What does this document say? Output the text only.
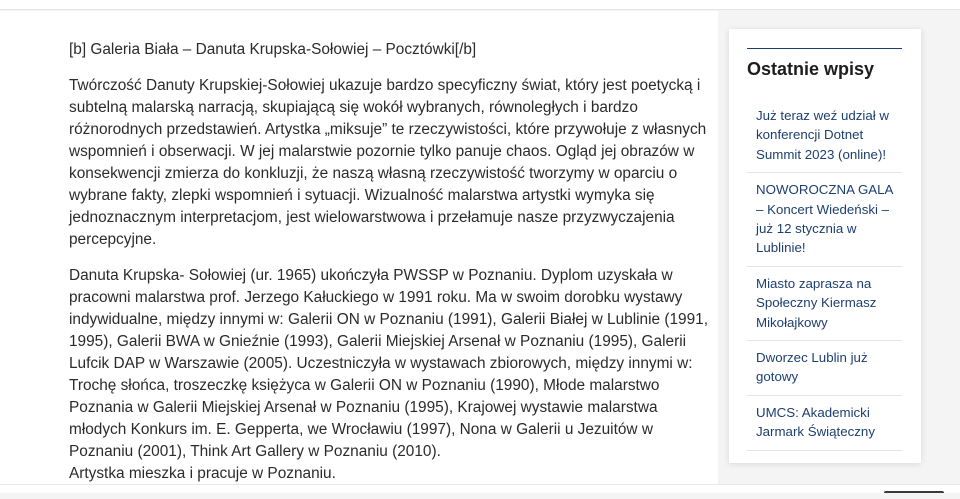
[b] Galeria Biała – Danuta Krupska-Sołowiej – Pocztówki[/b]

Twórczość Danuty Krupskiej-Sołowiej ukazuje bardzo specyficzny świat, który jest poetycką i subtelną malarską narracją, skupiającą się wokół wybranych, równoległych i bardzo różnorodnych przedstawień. Artystka „miksuje” te rzeczywistości, które przywołuje z własnych wspomnień i obserwacji. W jej malarstwie pozornie tylko panuje chaos. Ogląd jej obrazów w konsekwencji zmierza do konkluzji, że naszą własną rzeczywistość tworzymy w oparciu o wybrane fakty, zlepki wspomnień i sytuacji. Wizualność malarstwa artystki wymyka się jednoznacznym interpretacjom, jest wielowarstwowa i przełamuje nasze przyzwyczajenia percepcyjne.

Danuta Krupska- Sołowiej (ur. 1965) ukończyła PWSSP w Poznaniu. Dyplom uzyskała w pracowni malarstwa prof. Jerzego Kałuckiego w 1991 roku. Ma w swoim dorobku wystawy indywidualne, między innymi w: Galerii ON w Poznaniu (1991), Galerii Białej w Lublinie (1991, 1995), Galerii BWA w Gnieźnie (1993), Galerii Miejskiej Arsenał w Poznaniu (1995), Galerii Lufcik DAP w Warszawie (2005). Uczestniczyła w wystawach zbiorowych, między innymi w: Trochę słońca, troszeczkę księżyca w Galerii ON w Poznaniu (1990), Młode malarstwo Poznania w Galerii Miejskiej Arsenał w Poznaniu (1995), Krajowej wystawie malarstwa młodych Konkurs im. E. Gepperta, we Wrocławiu (1997), Nona w Galerii u Jezuitów w Poznaniu (2001), Think Art Gallery w Poznaniu (2010).

Artystka mieszka i pracuje w Poznaniu.

Ostatnie wpisy
Już teraz weź udział w konferencji Dotnet Summit 2023 (online)!
NOWOROCZNA GALA – Koncert Wiedeński – już 12 stycznia w Lublinie!
Miasto zaprasza na Społeczny Kiermasz Mikołajkowy
Dworzec Lublin już gotowy
UMCS: Akademicki Jarmark Świąteczny
